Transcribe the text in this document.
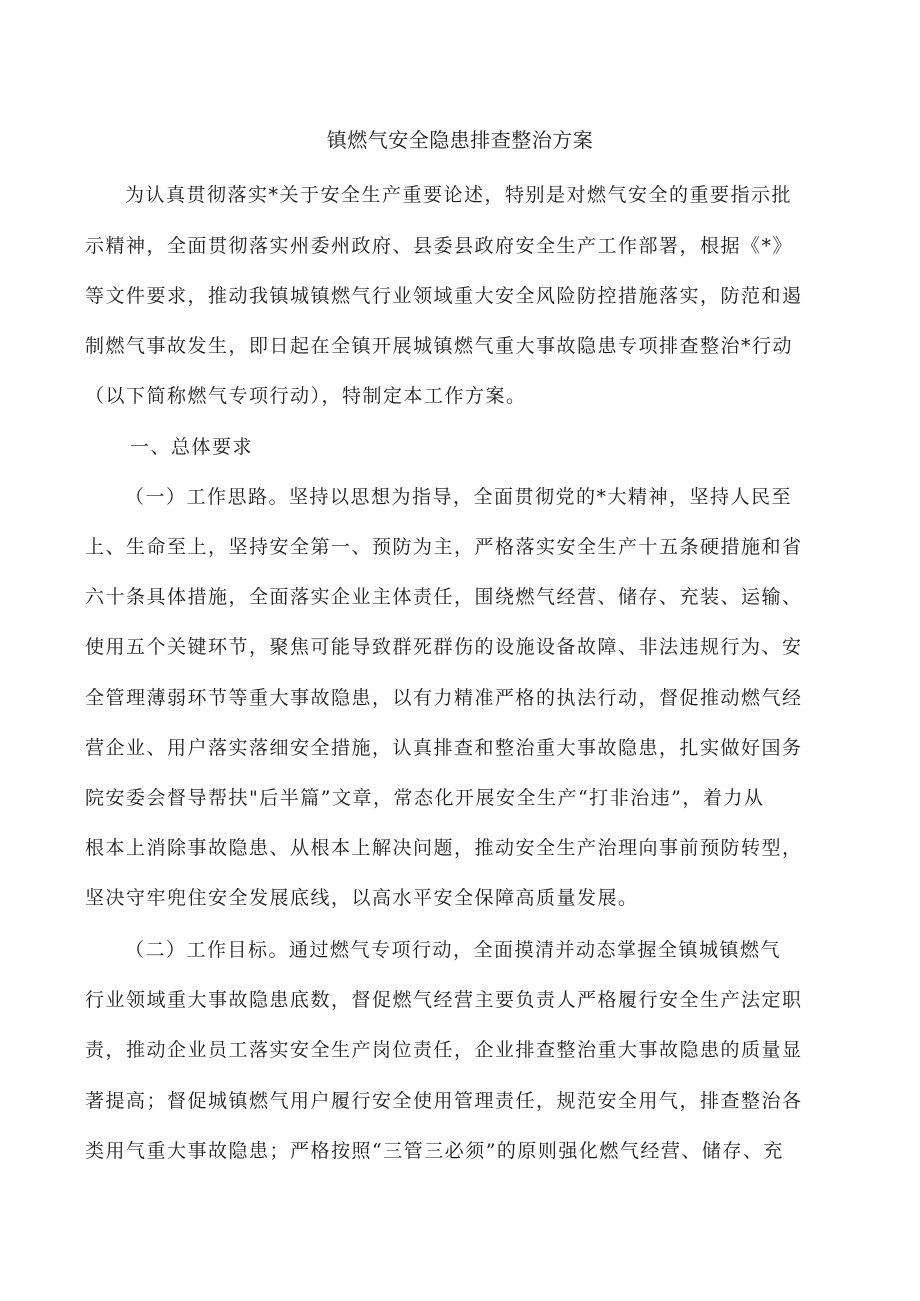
镇燃气安全隐患排查整治方案
为认真贯彻落实*关于安全生产重要论述，特别是对燃气安全的重要指示批
示精神，全面贯彻落实州委州政府、县委县政府安全生产工作部署，根据《*》
等文件要求，推动我镇城镇燃气行业领域重大安全风险防控措施落实，防范和遏
制燃气事故发生，即日起在全镇开展城镇燃气重大事故隐患专项排查整治*行动
（以下简称燃气专项行动），特制定本工作方案。
一、总体要求
（一）工作思路。坚持以思想为指导，全面贯彻党的*大精神，坚持人民至
上、生命至上，坚持安全第一、预防为主，严格落实安全生产十五条硬措施和省
六十条具体措施，全面落实企业主体责任，围绕燃气经营、储存、充装、运输、
使用五个关键环节，聚焦可能导致群死群伤的设施设备故障、非法违规行为、安
全管理薄弱环节等重大事故隐患，以有力精准严格的执法行动，督促推动燃气经
营企业、用户落实落细安全措施，认真排查和整治重大事故隐患，扎实做好国务
院安委会督导帮扶"后半篇”文章，常态化开展安全生产“打非治违”，着力从
根本上消除事故隐患、从根本上解决问题，推动安全生产治理向事前预防转型，
坚决守牢兜住安全发展底线，以高水平安全保障高质量发展。
（二）工作目标。通过燃气专项行动，全面摸清并动态掌握全镇城镇燃气
行业领域重大事故隐患底数，督促燃气经营主要负责人严格履行安全生产法定职
责，推动企业员工落实安全生产岗位责任，企业排查整治重大事故隐患的质量显
著提高；督促城镇燃气用户履行安全使用管理责任，规范安全用气，排查整治各
类用气重大事故隐患；严格按照“三管三必须”的原则强化燃气经营、储存、充
